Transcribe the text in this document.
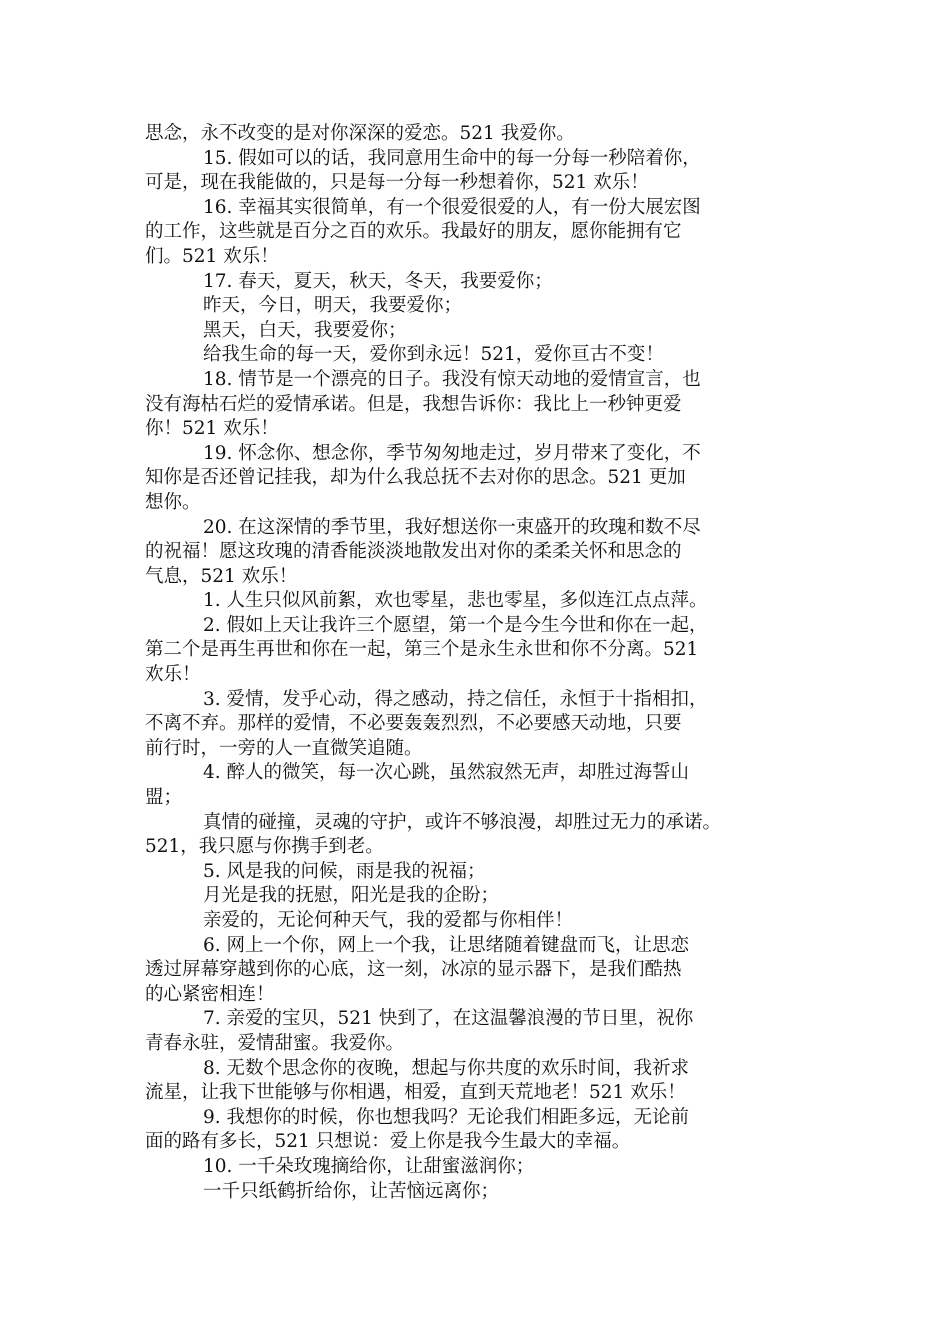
思念，永不改变的是对你深深的爱恋。521 我爱你。
15. 假如可以的话，我同意用生命中的每一分每一秒陪着你，
可是，现在我能做的，只是每一分每一秒想着你，521 欢乐！
16. 幸福其实很简单，有一个很爱很爱的人，有一份大展宏图
的工作，这些就是百分之百的欢乐。我最好的朋友，愿你能拥有它
们。521 欢乐！
17. 春天，夏天，秋天，冬天，我要爱你；
昨天，今日，明天，我要爱你；
黑天，白天，我要爱你；
给我生命的每一天，爱你到永远！521，爱你亘古不变！
18. 情节是一个漂亮的日子。我没有惊天动地的爱情宣言，也
没有海枯石烂的爱情承诺。但是，我想告诉你：我比上一秒钟更爱
你！521 欢乐！
19. 怀念你、想念你，季节匆匆地走过，岁月带来了变化，不
知你是否还曾记挂我，却为什么我总抚不去对你的思念。521 更加
想你。
20. 在这深情的季节里，我好想送你一束盛开的玫瑰和数不尽
的祝福！愿这玫瑰的清香能淡淡地散发出对你的柔柔关怀和思念的
气息，521 欢乐！
1. 人生只似风前絮，欢也零星，悲也零星，多似连江点点萍。
2. 假如上天让我许三个愿望，第一个是今生今世和你在一起，
第二个是再生再世和你在一起，第三个是永生永世和你不分离。521
欢乐！
3. 爱情，发乎心动，得之感动，持之信任，永恒于十指相扣，
不离不弃。那样的爱情，不必要轰轰烈烈，不必要感天动地，只要
前行时，一旁的人一直微笑追随。
4. 醉人的微笑，每一次心跳，虽然寂然无声，却胜过海誓山
盟；
真情的碰撞，灵魂的守护，或许不够浪漫，却胜过无力的承诺。
521，我只愿与你携手到老。
5. 风是我的问候，雨是我的祝福；
月光是我的抚慰，阳光是我的企盼；
亲爱的，无论何种天气，我的爱都与你相伴！
6. 网上一个你，网上一个我，让思绪随着键盘而飞，让思恋
透过屏幕穿越到你的心底，这一刻，冰凉的显示器下，是我们酷热
的心紧密相连！
7. 亲爱的宝贝，521 快到了，在这温馨浪漫的节日里，祝你
青春永驻，爱情甜蜜。我爱你。
8. 无数个思念你的夜晚，想起与你共度的欢乐时间，我祈求
流星，让我下世能够与你相遇，相爱，直到天荒地老！521 欢乐！
9. 我想你的时候，你也想我吗？无论我们相距多远，无论前
面的路有多长，521 只想说：爱上你是我今生最大的幸福。
10. 一千朵玫瑰摘给你，让甜蜜滋润你；
一千只纸鹤折给你，让苦恼远离你；
